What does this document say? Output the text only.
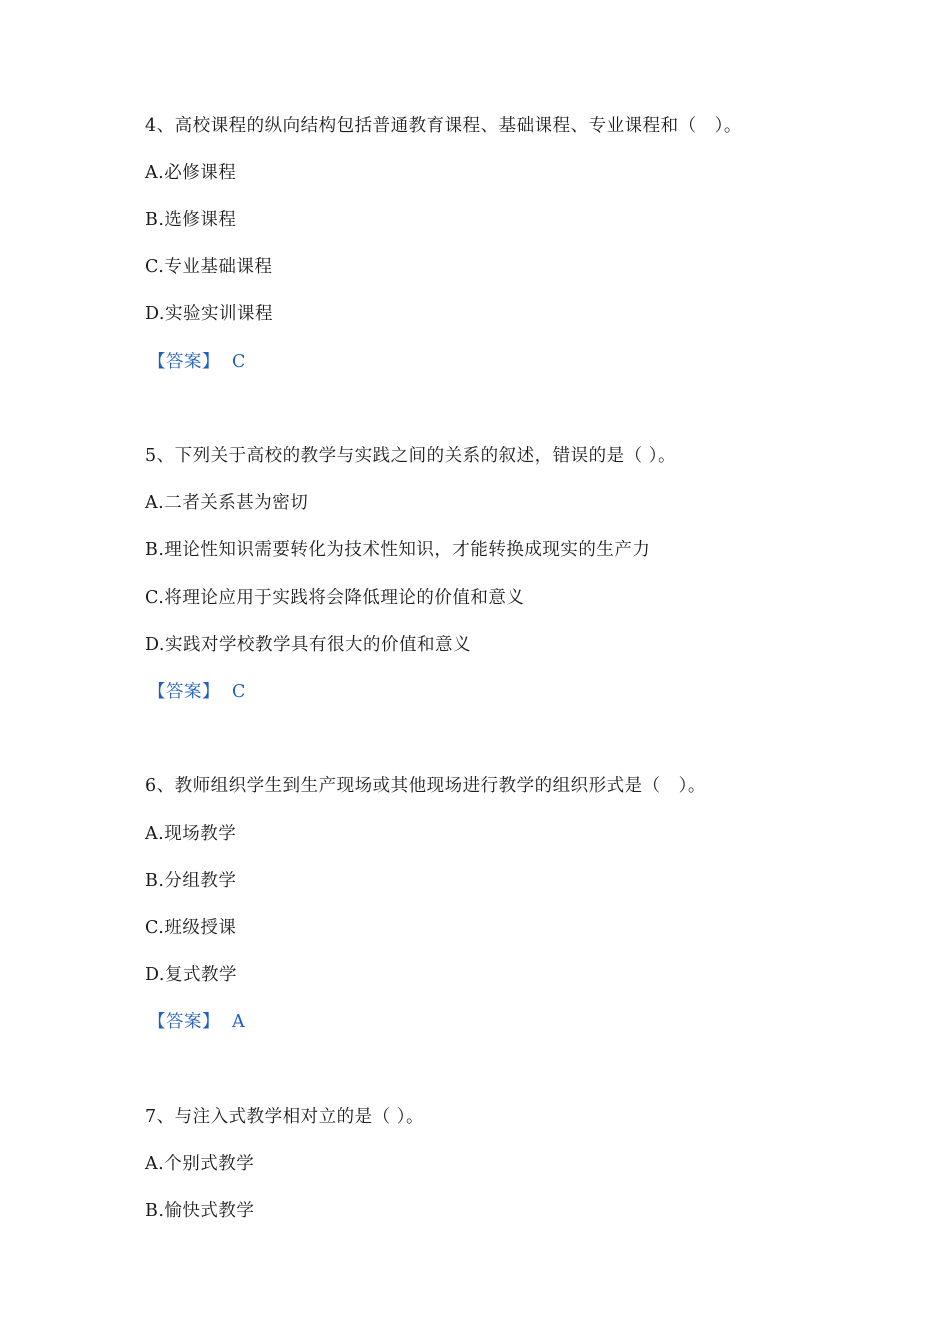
4、高校课程的纵向结构包括普通教育课程、基础课程、专业课程和（　）。
A.必修课程
B.选修课程
C.专业基础课程
D.实验实训课程
【答案】 C
5、下列关于高校的教学与实践之间的关系的叙述，错误的是（ ）。
A.二者关系甚为密切
B.理论性知识需要转化为技术性知识，才能转换成现实的生产力
C.将理论应用于实践将会降低理论的价值和意义
D.实践对学校教学具有很大的价值和意义
【答案】 C
6、教师组织学生到生产现场或其他现场进行教学的组织形式是（　）。
A.现场教学
B.分组教学
C.班级授课
D.复式教学
【答案】 A
7、与注入式教学相对立的是（ ）。
A.个别式教学
B.愉快式教学
